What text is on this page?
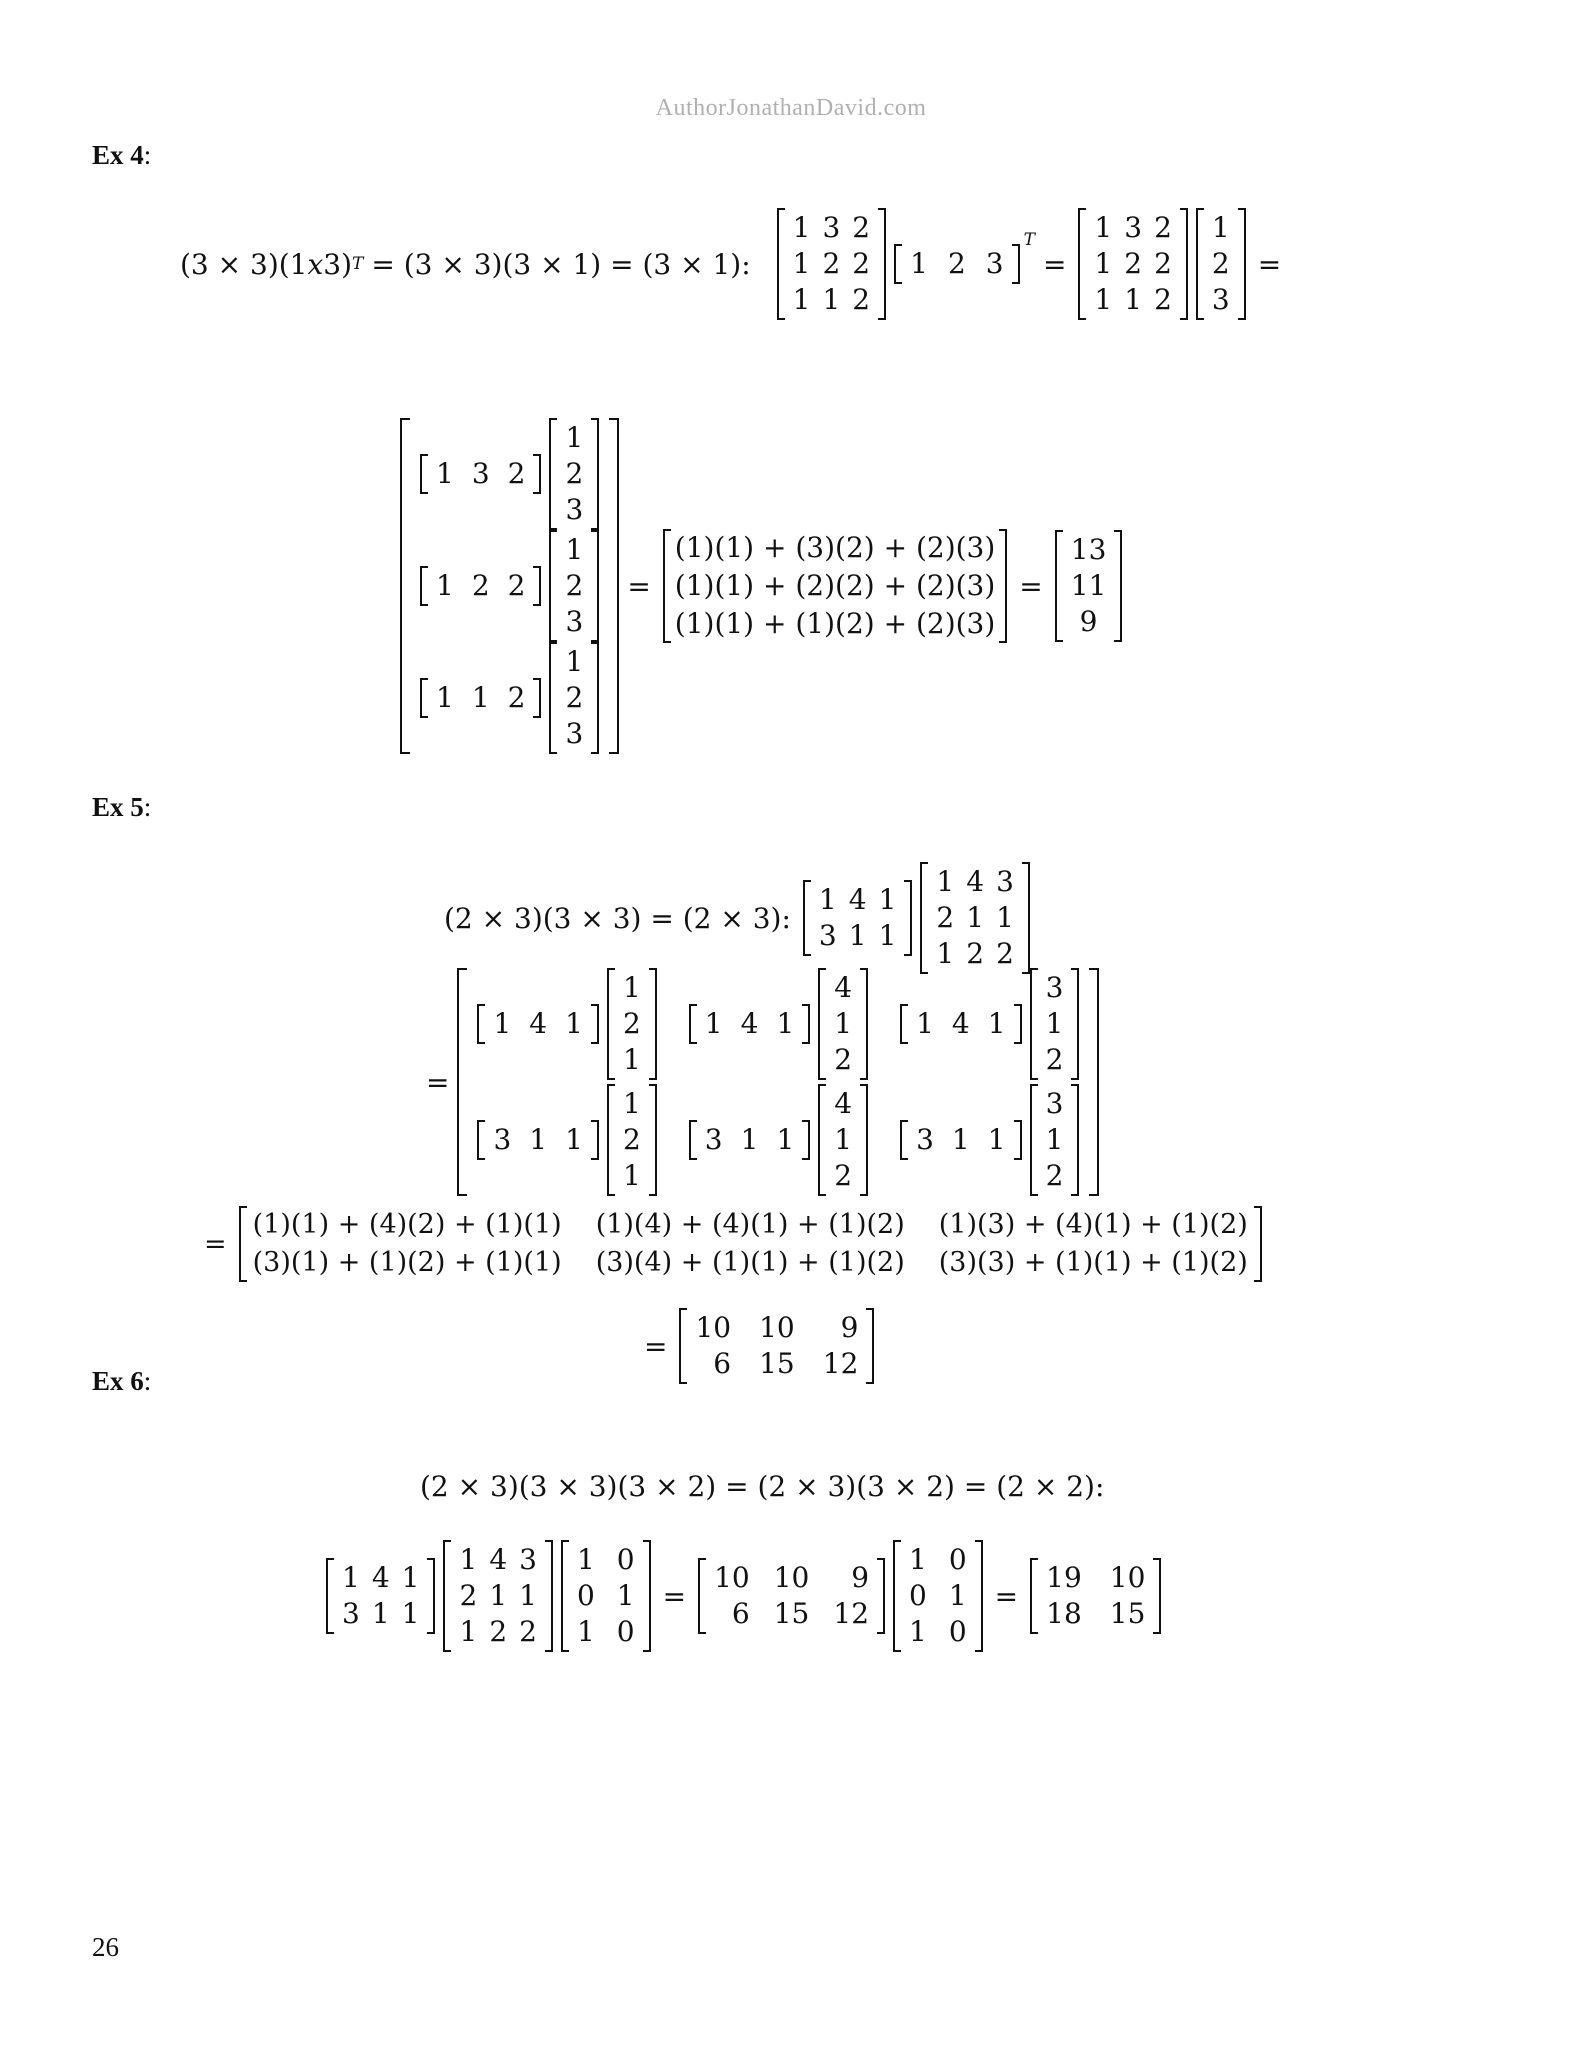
AuthorJonathanDavid.com
Ex 4:
(3 × 3)(1𝑥3) 𝑇 = (3 × 3)(3 × 1) = (3 × 1):
1 3 2
1 2 2
1 1 2
1 2 3
𝑇
=
1 3 2
1 2 2
1 1 2
1
2
3
=
1 3 2
1
2
3
1 2 2
1
2
3
1 1 2
1
2
3
=
(1)(1) + (3)(2) + (2)(3)
(1)(1) + (2)(2) + (2)(3)
(1)(1) + (1)(2) + (2)(3)
=
13
11
9
Ex 5:
(2 × 3)(3 × 3) = (2 × 3):
1 4 1
3 1 1
1 4 3
2 1 1
1 2 2
=
1 4 1
1
2
1
1 4 1
4
1
2
1 4 1
3
1
2
3 1 1
1
2
1
3 1 1
4
1
2
3 1 1
3
1
2
=
(1)(1) + (4)(2) + (1)(1) (1)(4) + (4)(1) + (1)(2) (1)(3) + (4)(1) + (1)(2)
(3)(1) + (1)(2) + (1)(1) (3)(4) + (1)(1) + (1)(2) (3)(3) + (1)(1) + (1)(2)
=
10 10 9
6 15 12
Ex 6:
(2 × 3)(3 × 3)(3 × 2) = (2 × 3)(3 × 2) = (2 × 2):
1 4 1
3 1 1
1 4 3
2 1 1
1 2 2
1 0
0 1
1 0
=
10 10 9
6 15 12
1 0
0 1
1 0
=
19 10
18 15
26
